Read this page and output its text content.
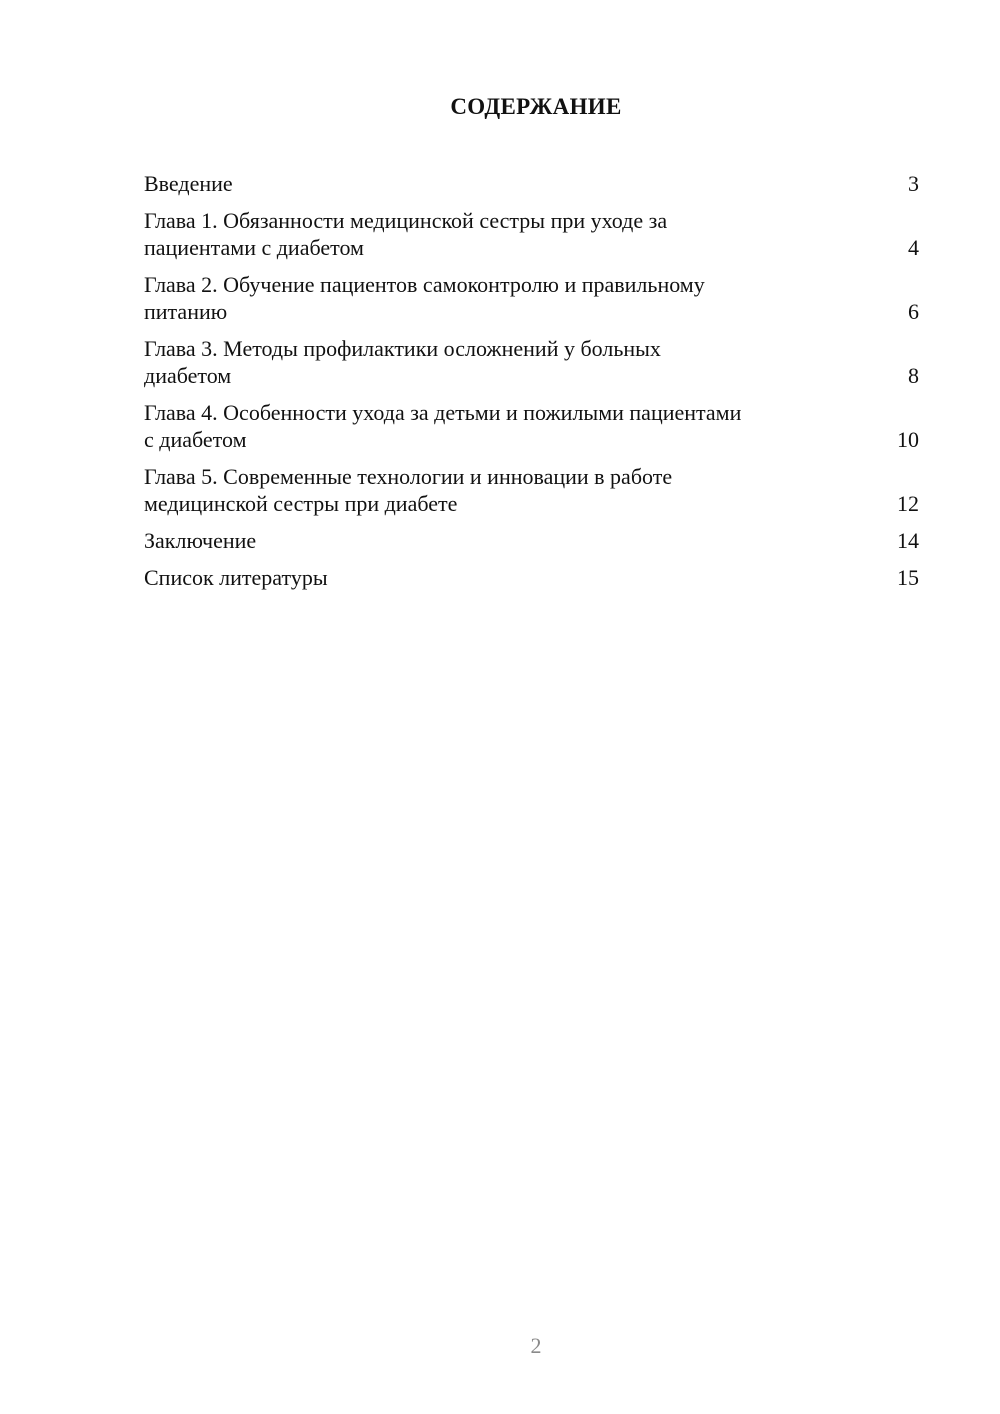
СОДЕРЖАНИЕ
Введение	3
Глава 1. Обязанности медицинской сестры при уходе за
пациентами с диабетом	4
Глава 2. Обучение пациентов самоконтролю и правильному
питанию	6
Глава 3. Методы профилактики осложнений у больных
диабетом	8
Глава 4. Особенности ухода за детьми и пожилыми пациентами
с диабетом	10
Глава 5. Современные технологии и инновации в работе
медицинской сестры при диабете	12
Заключение	14
Список литературы	15
2
